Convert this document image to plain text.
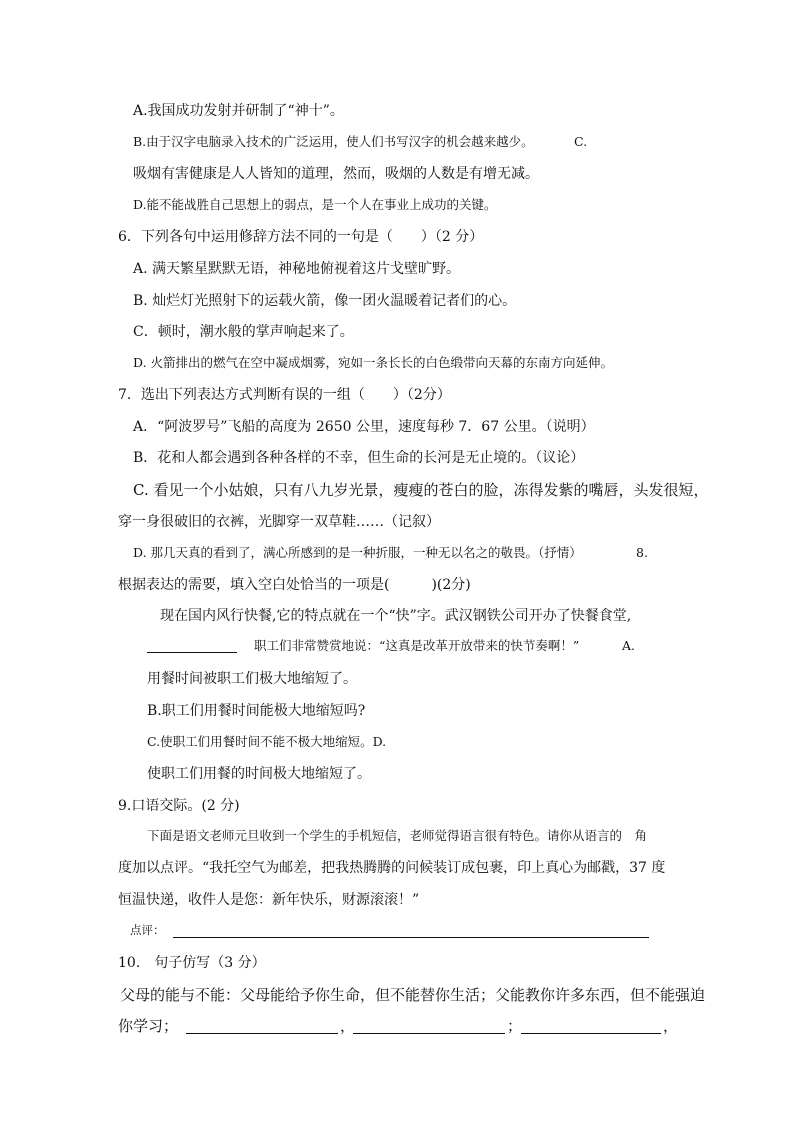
A.我国成功发射并研制了“神十”。
B.由于汉字电脑录入技术的广泛运用，使人们书写汉字的机会越来越少。	C.
吸烟有害健康是人人皆知的道理，然而，吸烟的人数是有增无减。
D.能不能战胜自己思想上的弱点，是一个人在事业上成功的关键。
6．下列各句中运用修辞方法不同的一句是（　　）（2 分）
A. 满天繁星默默无语，神秘地俯视着这片戈壁旷野。
B. 灿烂灯光照射下的运载火箭，像一团火温暖着记者们的心。
C．顿时，潮水般的掌声响起来了。
D. 火箭排出的燃气在空中凝成烟雾，宛如一条长长的白色缎带向天幕的东南方向延伸。
7．选出下列表达方式判断有误的一组（　　）（2分）
A．“阿波罗号”飞船的高度为 2650 公里，速度每秒 7．67 公里。（说明）
B．花和人都会遇到各种各样的不幸，但生命的长河是无止境的。（议论）
C. 看见一个小姑娘，只有八九岁光景，瘦瘦的苍白的脸，冻得发紫的嘴唇，头发很短，
穿一身很破旧的衣裤，光脚穿一双草鞋……（记叙）
D. 那几天真的看到了，满心所感到的是一种折服，一种无以名之的敬畏。（抒情）	8.
根据表达的需要，填入空白处恰当的一项是(　　　)(2分)
现在国内风行快餐,它的特点就在一个“快”字。武汉钢铁公司开办了快餐食堂,
职工们非常赞赏地说：“这真是改革开放带来的快节奏啊！”	A.
用餐时间被职工们极大地缩短了。
B.职工们用餐时间能极大地缩短吗?
C.使职工们用餐时间不能不极大地缩短。D.
使职工们用餐的时间极大地缩短了。
9.口语交际。(2 分)
下面是语文老师元旦收到一个学生的手机短信，老师觉得语言很有特色。请你从语言的　角
度加以点评。“我托空气为邮差，把我热腾腾的问候装订成包裹，印上真心为邮戳，37 度
恒温快递，收件人是您：新年快乐，财源滚滚！”
点评：
10.　句子仿写（3 分）
父母的能与不能：父母能给予你生命，但不能替你生活；父能教你许多东西，但不能强迫
你学习；	，	；	，
